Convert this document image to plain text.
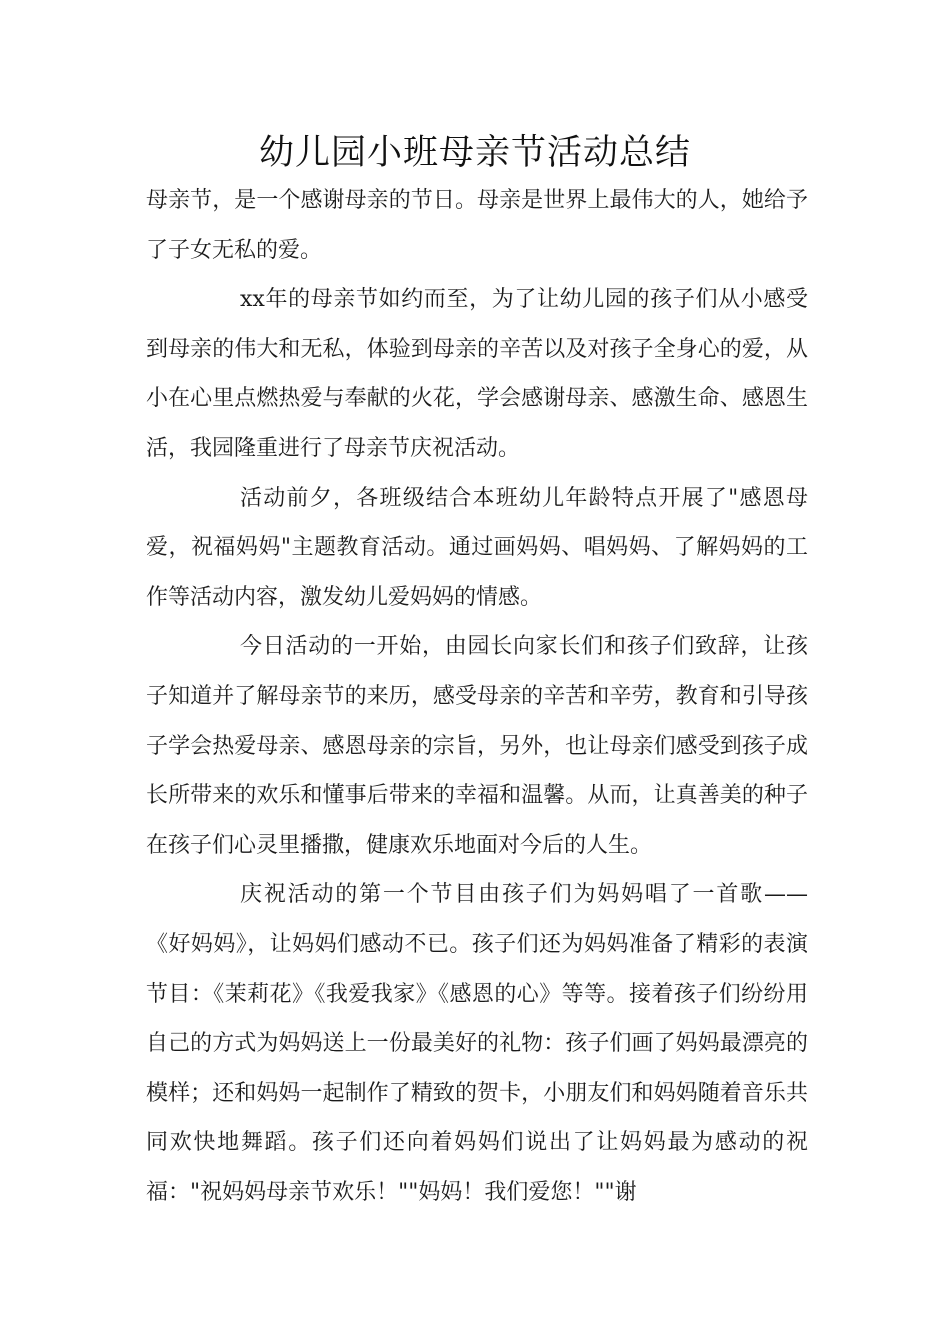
幼儿园小班母亲节活动总结

母亲节，是一个感谢母亲的节日。母亲是世界上最伟大的人，她给予了子女无私的爱。

xx年的母亲节如约而至，为了让幼儿园的孩子们从小感受到母亲的伟大和无私，体验到母亲的辛苦以及对孩子全身心的爱，从小在心里点燃热爱与奉献的火花，学会感谢母亲、感激生命、感恩生活，我园隆重进行了母亲节庆祝活动。

活动前夕，各班级结合本班幼儿年龄特点开展了"感恩母爱，祝福妈妈"主题教育活动。通过画妈妈、唱妈妈、了解妈妈的工作等活动内容，激发幼儿爱妈妈的情感。

今日活动的一开始，由园长向家长们和孩子们致辞，让孩子知道并了解母亲节的来历，感受母亲的辛苦和辛劳，教育和引导孩子学会热爱母亲、感恩母亲的宗旨，另外，也让母亲们感受到孩子成长所带来的欢乐和懂事后带来的幸福和温馨。从而，让真善美的种子在孩子们心灵里播撒，健康欢乐地面对今后的人生。

庆祝活动的第一个节目由孩子们为妈妈唱了一首歌——《好妈妈》，让妈妈们感动不已。孩子们还为妈妈准备了精彩的表演节目：《茉莉花》《我爱我家》《感恩的心》等等。接着孩子们纷纷用自己的方式为妈妈送上一份最美好的礼物：孩子们画了妈妈最漂亮的模样；还和妈妈一起制作了精致的贺卡，小朋友们和妈妈随着音乐共同欢快地舞蹈。孩子们还向着妈妈们说出了让妈妈最为感动的祝福："祝妈妈母亲节欢乐！""妈妈！我们爱您！""谢
